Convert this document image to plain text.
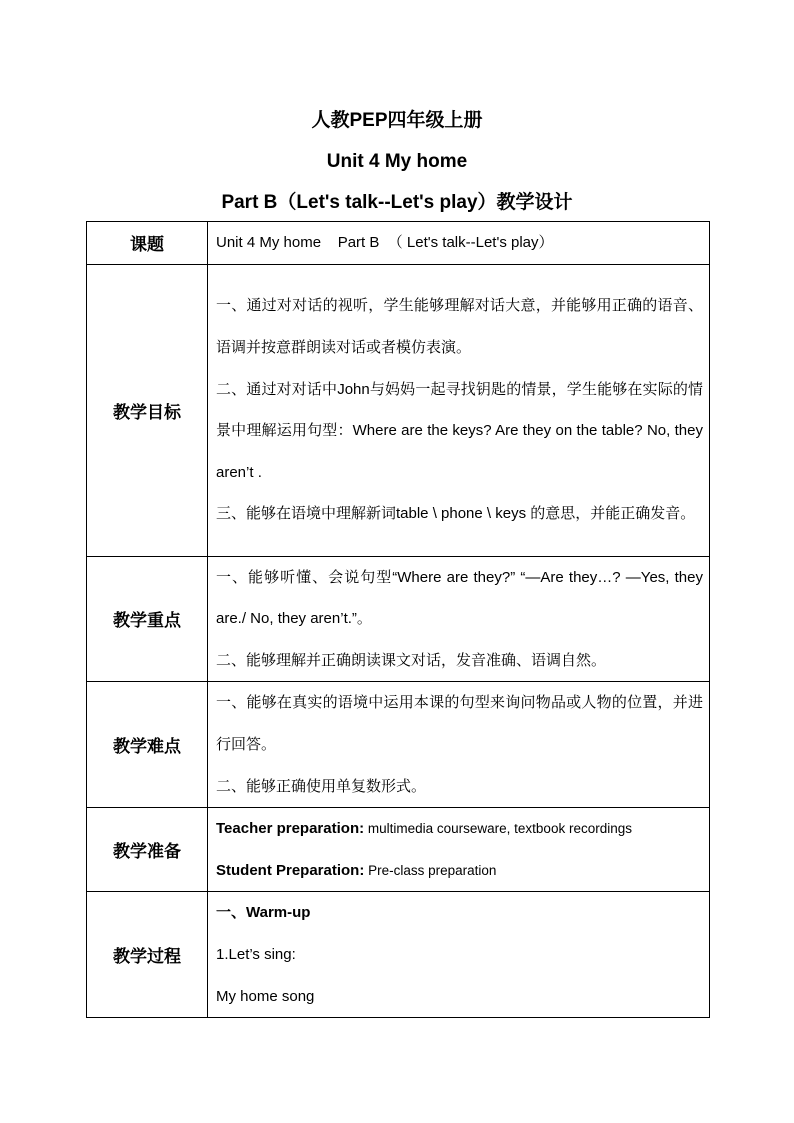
人教PEP四年级上册
Unit 4 My home
Part B（Let's talk--Let's play）教学设计
课题	Unit 4 My home    Part B  （ Let's talk--Let's play）

教学目标	一、通过对对话的视听，学生能够理解对话大意，并能够用正确的语音、语调并按意群朗读对话或者模仿表演。
二、通过对对话中John与妈妈一起寻找钥匙的情景，学生能够在实际的情景中理解运用句型：Where are the keys? Are they on the table? No, they aren’t .
三、能够在语境中理解新词table \ phone \ keys 的意思，并能正确发音。

教学重点	一、能够听懂、会说句型“Where are they?” “—Are they…? —Yes, they are./ No, they aren’t.”。
二、能够理解并正确朗读课文对话，发音准确、语调自然。

教学难点	一、能够在真实的语境中运用本课的句型来询问物品或人物的位置，并进行回答。
二、能够正确使用单复数形式。

教学准备	Teacher preparation: multimedia courseware, textbook recordings
Student Preparation: Pre-class preparation

教学过程	一、Warm-up
1.Let’s sing:
My home song
